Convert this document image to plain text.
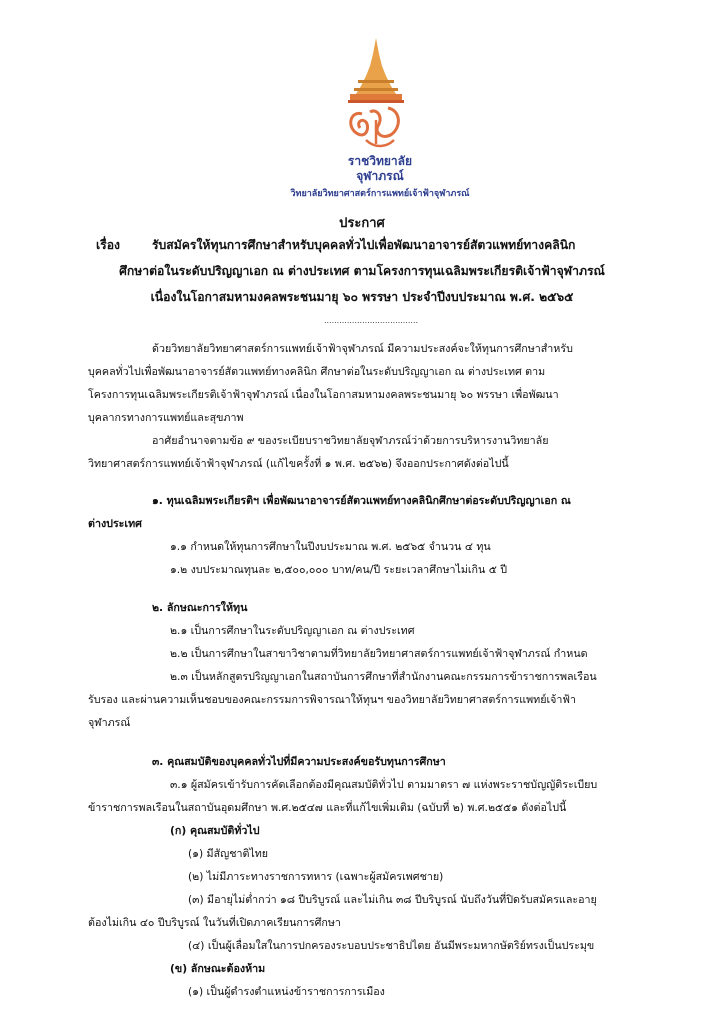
ราชวิทยาลัย
จุฬาภรณ์
วิทยาลัยวิทยาศาสตร์การแพทย์เจ้าฟ้าจุฬาภรณ์
ประกาศ
เรื่อง	รับสมัครให้ทุนการศึกษาสำหรับบุคคลทั่วไปเพื่อพัฒนาอาจารย์สัตวแพทย์ทางคลินิก
ศึกษาต่อในระดับปริญญาเอก ณ ต่างประเทศ ตามโครงการทุนเฉลิมพระเกียรติเจ้าฟ้าจุฬาภรณ์
เนื่องในโอกาสมหามงคลพระชนมายุ ๖๐ พรรษา ประจำปีงบประมาณ พ.ศ. ๒๕๖๕
.....................................
ด้วยวิทยาลัยวิทยาศาสตร์การแพทย์เจ้าฟ้าจุฬาภรณ์ มีความประสงค์จะให้ทุนการศึกษาสำหรับ
บุคคลทั่วไปเพื่อพัฒนาอาจารย์สัตวแพทย์ทางคลินิก ศึกษาต่อในระดับปริญญาเอก ณ ต่างประเทศ ตาม
โครงการทุนเฉลิมพระเกียรติเจ้าฟ้าจุฬาภรณ์ เนื่องในโอกาสมหามงคลพระชนมายุ ๖๐ พรรษา เพื่อพัฒนา
บุคลากรทางการแพทย์และสุขภาพ
อาศัยอำนาจตามข้อ ๙ ของระเบียบราชวิทยาลัยจุฬาภรณ์ว่าด้วยการบริหารงานวิทยาลัย
วิทยาศาสตร์การแพทย์เจ้าฟ้าจุฬาภรณ์ (แก้ไขครั้งที่ ๑ พ.ศ. ๒๕๖๒) จึงออกประกาศดังต่อไปนี้
๑. ทุนเฉลิมพระเกียรติฯ เพื่อพัฒนาอาจารย์สัตวแพทย์ทางคลินิกศึกษาต่อระดับปริญญาเอก ณ
ต่างประเทศ
๑.๑ กำหนดให้ทุนการศึกษาในปีงบประมาณ พ.ศ. ๒๕๖๕ จำนวน ๔ ทุน
๑.๒ งบประมาณทุนละ ๒,๕๐๐,๐๐๐ บาท/คน/ปี ระยะเวลาศึกษาไม่เกิน ๕ ปี
๒. ลักษณะการให้ทุน
๒.๑ เป็นการศึกษาในระดับปริญญาเอก ณ ต่างประเทศ
๒.๒ เป็นการศึกษาในสาขาวิชาตามที่วิทยาลัยวิทยาศาสตร์การแพทย์เจ้าฟ้าจุฬาภรณ์ กำหนด
๒.๓ เป็นหลักสูตรปริญญาเอกในสถาบันการศึกษาที่สำนักงานคณะกรรมการข้าราชการพลเรือน
รับรอง และผ่านความเห็นชอบของคณะกรรมการพิจารณาให้ทุนฯ ของวิทยาลัยวิทยาศาสตร์การแพทย์เจ้าฟ้า
จุฬาภรณ์
๓. คุณสมบัติของบุคคลทั่วไปที่มีความประสงค์ขอรับทุนการศึกษา
๓.๑ ผู้สมัครเข้ารับการคัดเลือกต้องมีคุณสมบัติทั่วไป ตามมาตรา ๗ แห่งพระราชบัญญัติระเบียบ
ข้าราชการพลเรือนในสถาบันอุดมศึกษา พ.ศ.๒๕๔๗ และที่แก้ไขเพิ่มเติม (ฉบับที่ ๒) พ.ศ.๒๕๕๑ ดังต่อไปนี้
(ก) คุณสมบัติทั่วไป
(๑) มีสัญชาติไทย
(๒) ไม่มีภาระทางราชการทหาร (เฉพาะผู้สมัครเพศชาย)
(๓) มีอายุไม่ต่ำกว่า ๑๘ ปีบริบูรณ์ และไม่เกิน ๓๘ ปีบริบูรณ์ นับถึงวันที่ปิดรับสมัครและอายุ
ต้องไม่เกิน ๔๐ ปีบริบูรณ์ ในวันที่เปิดภาคเรียนการศึกษา
(๔) เป็นผู้เลื่อมใสในการปกครองระบอบประชาธิปไตย อันมีพระมหากษัตริย์ทรงเป็นประมุข
(ข) ลักษณะต้องห้าม
(๑) เป็นผู้ดำรงตำแหน่งข้าราชการการเมือง
